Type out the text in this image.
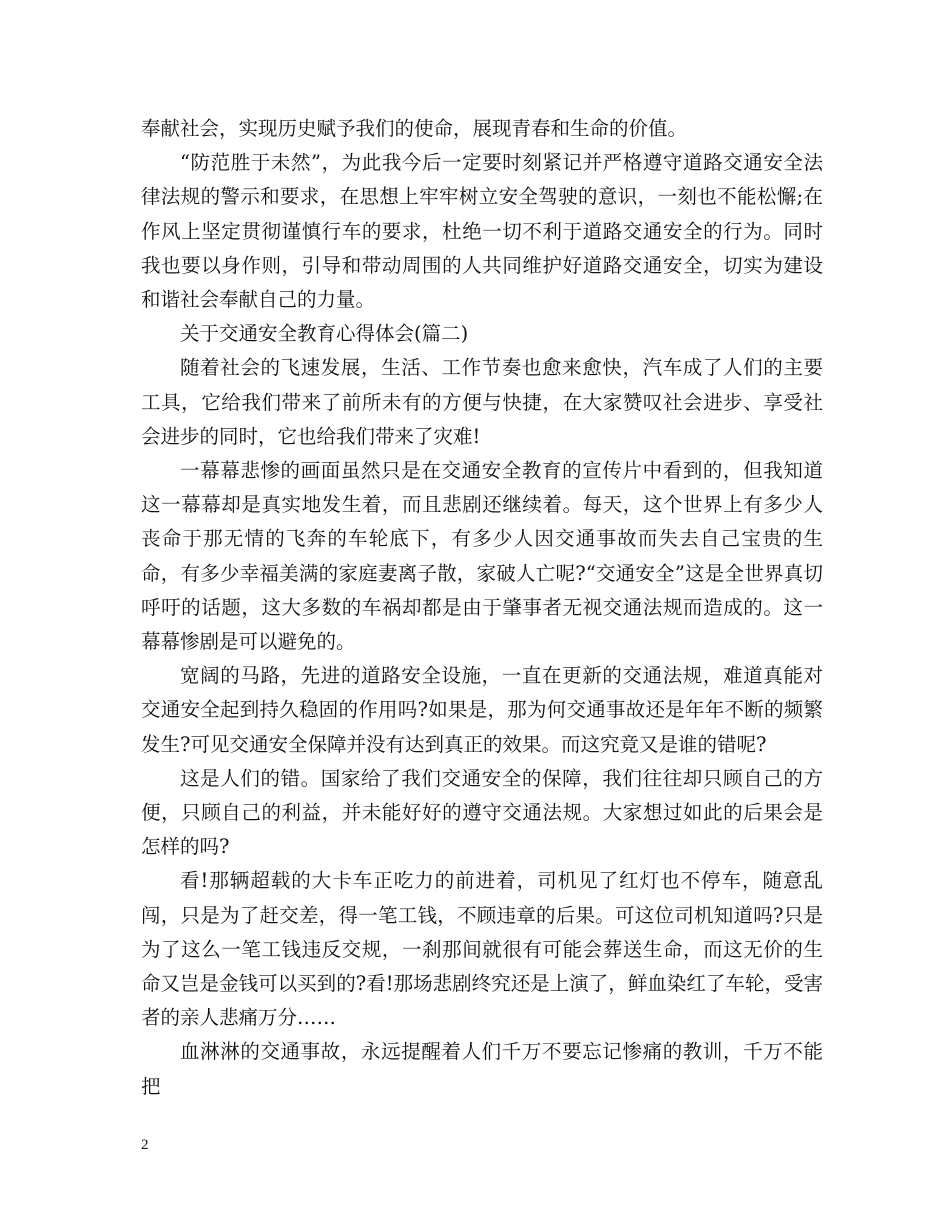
奉献社会，实现历史赋予我们的使命，展现青春和生命的价值。

“防范胜于未然”，为此我今后一定要时刻紧记并严格遵守道路交通安全法律法规的警示和要求，在思想上牢牢树立安全驾驶的意识，一刻也不能松懈;在作风上坚定贯彻谨慎行车的要求，杜绝一切不利于道路交通安全的行为。同时我也要以身作则，引导和带动周围的人共同维护好道路交通安全，切实为建设和谐社会奉献自己的力量。

关于交通安全教育心得体会(篇二)

随着社会的飞速发展，生活、工作节奏也愈来愈快，汽车成了人们的主要工具，它给我们带来了前所未有的方便与快捷，在大家赞叹社会进步、享受社会进步的同时，它也给我们带来了灾难!

一幕幕悲惨的画面虽然只是在交通安全教育的宣传片中看到的，但我知道这一幕幕却是真实地发生着，而且悲剧还继续着。每天，这个世界上有多少人丧命于那无情的飞奔的车轮底下，有多少人因交通事故而失去自己宝贵的生命，有多少幸福美满的家庭妻离子散，家破人亡呢?“交通安全”这是全世界真切呼吁的话题，这大多数的车祸却都是由于肇事者无视交通法规而造成的。这一幕幕惨剧是可以避免的。

宽阔的马路，先进的道路安全设施，一直在更新的交通法规，难道真能对交通安全起到持久稳固的作用吗?如果是，那为何交通事故还是年年不断的频繁发生?可见交通安全保障并没有达到真正的效果。而这究竟又是谁的错呢?

这是人们的错。国家给了我们交通安全的保障，我们往往却只顾自己的方便，只顾自己的利益，并未能好好的遵守交通法规。大家想过如此的后果会是怎样的吗?

看!那辆超载的大卡车正吃力的前进着，司机见了红灯也不停车，随意乱闯，只是为了赶交差，得一笔工钱，不顾违章的后果。可这位司机知道吗?只是为了这么一笔工钱违反交规，一刹那间就很有可能会葬送生命，而这无价的生命又岂是金钱可以买到的?看!那场悲剧终究还是上演了，鲜血染红了车轮，受害者的亲人悲痛万分……

血淋淋的交通事故，永远提醒着人们千万不要忘记惨痛的教训，千万不能把

2
